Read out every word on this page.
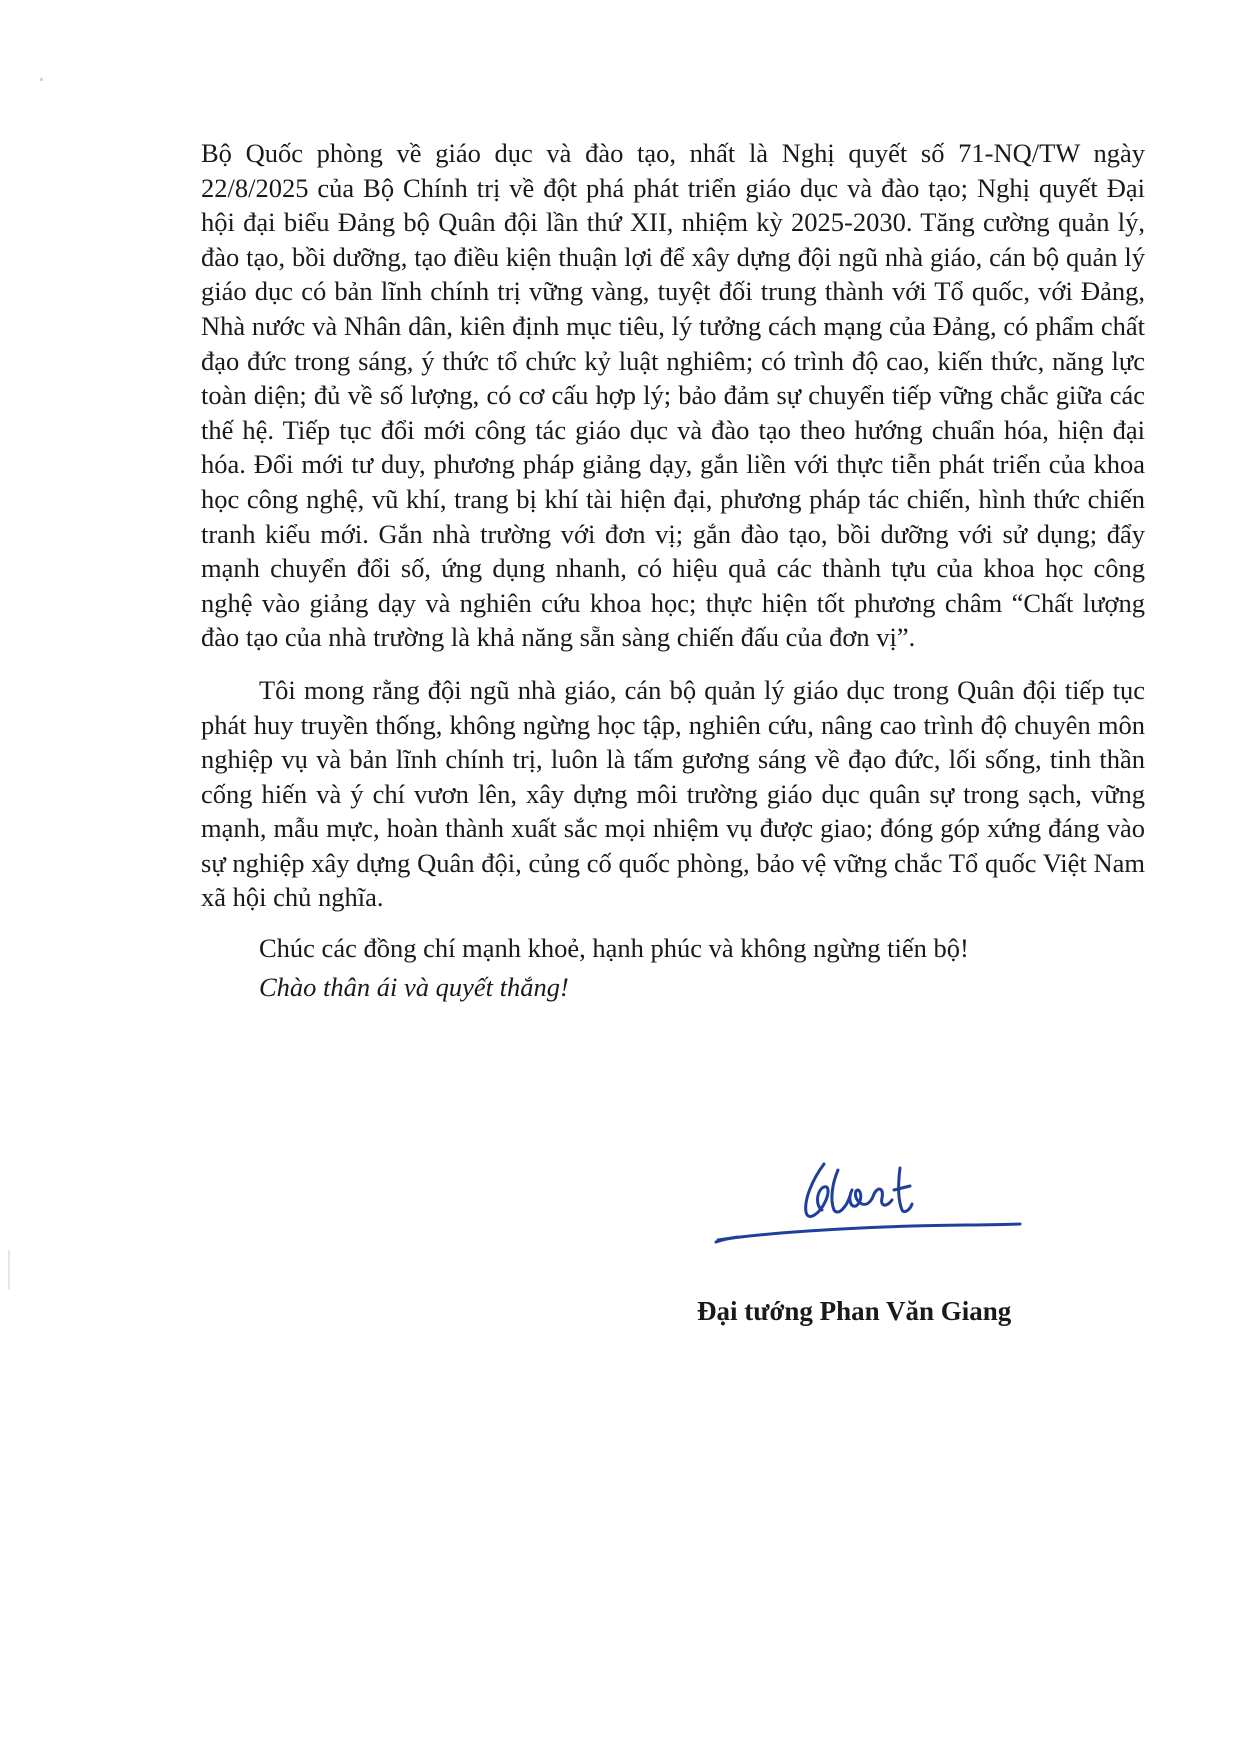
Bộ Quốc phòng về giáo dục và đào tạo, nhất là Nghị quyết số 71-NQ/TW ngày 22/8/2025 của Bộ Chính trị về đột phá phát triển giáo dục và đào tạo; Nghị quyết Đại hội đại biểu Đảng bộ Quân đội lần thứ XII, nhiệm kỳ 2025-2030. Tăng cường quản lý, đào tạo, bồi dưỡng, tạo điều kiện thuận lợi để xây dựng đội ngũ nhà giáo, cán bộ quản lý giáo dục có bản lĩnh chính trị vững vàng, tuyệt đối trung thành với Tổ quốc, với Đảng, Nhà nước và Nhân dân, kiên định mục tiêu, lý tưởng cách mạng của Đảng, có phẩm chất đạo đức trong sáng, ý thức tổ chức kỷ luật nghiêm; có trình độ cao, kiến thức, năng lực toàn diện; đủ về số lượng, có cơ cấu hợp lý; bảo đảm sự chuyển tiếp vững chắc giữa các thế hệ. Tiếp tục đổi mới công tác giáo dục và đào tạo theo hướng chuẩn hóa, hiện đại hóa. Đổi mới tư duy, phương pháp giảng dạy, gắn liền với thực tiễn phát triển của khoa học công nghệ, vũ khí, trang bị khí tài hiện đại, phương pháp tác chiến, hình thức chiến tranh kiểu mới. Gắn nhà trường với đơn vị; gắn đào tạo, bồi dưỡng với sử dụng; đẩy mạnh chuyển đổi số, ứng dụng nhanh, có hiệu quả các thành tựu của khoa học công nghệ vào giảng dạy và nghiên cứu khoa học; thực hiện tốt phương châm “Chất lượng đào tạo của nhà trường là khả năng sẵn sàng chiến đấu của đơn vị”.

Tôi mong rằng đội ngũ nhà giáo, cán bộ quản lý giáo dục trong Quân đội tiếp tục phát huy truyền thống, không ngừng học tập, nghiên cứu, nâng cao trình độ chuyên môn nghiệp vụ và bản lĩnh chính trị, luôn là tấm gương sáng về đạo đức, lối sống, tinh thần cống hiến và ý chí vươn lên, xây dựng môi trường giáo dục quân sự trong sạch, vững mạnh, mẫu mực, hoàn thành xuất sắc mọi nhiệm vụ được giao; đóng góp xứng đáng vào sự nghiệp xây dựng Quân đội, củng cố quốc phòng, bảo vệ vững chắc Tổ quốc Việt Nam xã hội chủ nghĩa.

Chúc các đồng chí mạnh khoẻ, hạnh phúc và không ngừng tiến bộ!

Chào thân ái và quyết thắng!

Đại tướng Phan Văn Giang
